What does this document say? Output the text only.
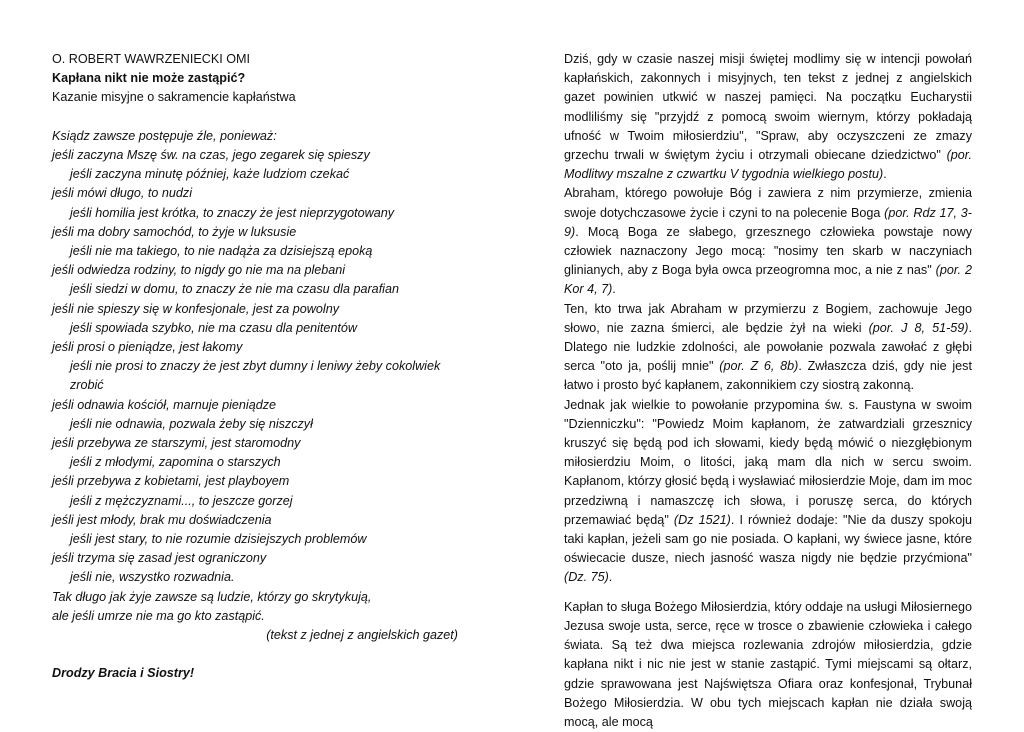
O. ROBERT WAWRZENIECKI OMI

Kapłana nikt nie może zastąpić?

Kazanie misyjne o sakramencie kapłaństwa

Ksiądz zawsze postępuje źle, ponieważ:

jeśli zaczyna Mszę św. na czas, jego zegarek się spieszy

jeśli zaczyna minutę później, każe ludziom czekać

jeśli mówi długo, to nudzi

jeśli homilia jest krótka, to znaczy że jest nieprzygotowany

jeśli ma dobry samochód, to żyje w luksusie

jeśli nie ma takiego, to nie nadąża za dzisiejszą epoką

jeśli odwiedza rodziny, to nigdy go nie ma na plebani

jeśli siedzi w domu, to znaczy że nie ma czasu dla parafian

jeśli nie spieszy się w konfesjonale, jest za powolny

jeśli spowiada szybko, nie ma czasu dla penitentów

jeśli prosi o pieniądze, jest łakomy

jeśli nie prosi to znaczy że jest zbyt dumny i leniwy żeby cokolwiek zrobić

jeśli odnawia kościół, marnuje pieniądze

jeśli nie odnawia, pozwala żeby się niszczył

jeśli przebywa ze starszymi, jest staromodny

jeśli z młodymi, zapomina o starszych

jeśli przebywa z kobietami, jest playboyem

jeśli z mężczyznami..., to jeszcze gorzej

jeśli jest młody, brak mu doświadczenia

jeśli jest stary, to nie rozumie dzisiejszych problemów

jeśli trzyma się zasad jest ograniczony

jeśli nie, wszystko rozwadnia.

Tak długo jak żyje zawsze są ludzie, którzy go skrytykują,

ale jeśli umrze nie ma go kto zastąpić.

(tekst z jednej z angielskich gazet)

Drodzy Bracia i Siostry!

Dziś, gdy w czasie naszej misji świętej modlimy się w intencji powołań kapłańskich, zakonnych i misyjnych, ten tekst z jednej z angielskich gazet powinien utkwić w naszej pamięci. Na początku Eucharystii modliliśmy się "przyjdź z pomocą swoim wiernym, którzy pokładają ufność w Twoim miłosierdziu", "Spraw, aby oczyszczeni ze zmazy grzechu trwali w świętym życiu i otrzymali obiecane dziedzictwo" (por. Modlitwy mszalne z czwartku V tygodnia wielkiego postu).

Abraham, którego powołuje Bóg i zawiera z nim przymierze, zmienia swoje dotychczasowe życie i czyni to na polecenie Boga (por. Rdz 17, 3-9). Mocą Boga ze słabego, grzesznego człowieka powstaje nowy człowiek naznaczony Jego mocą: "nosimy ten skarb w naczyniach glinianych, aby z Boga była owca przeogromna moc, a nie z nas" (por. 2 Kor 4, 7).

Ten, kto trwa jak Abraham w przymierzu z Bogiem, zachowuje Jego słowo, nie zazna śmierci, ale będzie żył na wieki (por. J 8, 51-59). Dlatego nie ludzkie zdolności, ale powołanie pozwala zawołać z głębi serca "oto ja, poślij mnie" (por. Z 6, 8b). Zwłaszcza dziś, gdy nie jest łatwo i prosto być kapłanem, zakonnikiem czy siostrą zakonną.

Jednak jak wielkie to powołanie przypomina św. s. Faustyna w swoim "Dzienniczku": "Powiedz Moim kapłanom, że zatwardziali grzesznicy kruszyć się będą pod ich słowami, kiedy będą mówić o niezgłębionym miłosierdziu Moim, o litości, jaką mam dla nich w sercu swoim. Kapłanom, którzy głosić będą i wysławiać miłosierdzie Moje, dam im moc przedziwną i namaszczę ich słowa, i poruszę serca, do których przemawiać będą" (Dz 1521). I również dodaje: "Nie da duszy spokoju taki kapłan, jeżeli sam go nie posiada. O kapłani, wy świece jasne, które oświecacie dusze, niech jasność wasza nigdy nie będzie przyćmiona" (Dz. 75).

Kapłan to sługa Bożego Miłosierdzia, który oddaje na usługi Miłosiernego Jezusa swoje usta, serce, ręce w trosce o zbawienie człowieka i całego świata. Są też dwa miejsca rozlewania zdrojów miłosierdzia, gdzie kapłana nikt i nic nie jest w stanie zastąpić. Tymi miejscami są ołtarz, gdzie sprawowana jest Najświętsza Ofiara oraz konfesjonał, Trybunał Bożego Miłosierdzia. W obu tych miejscach kapłan nie działa swoją mocą, ale mocą
